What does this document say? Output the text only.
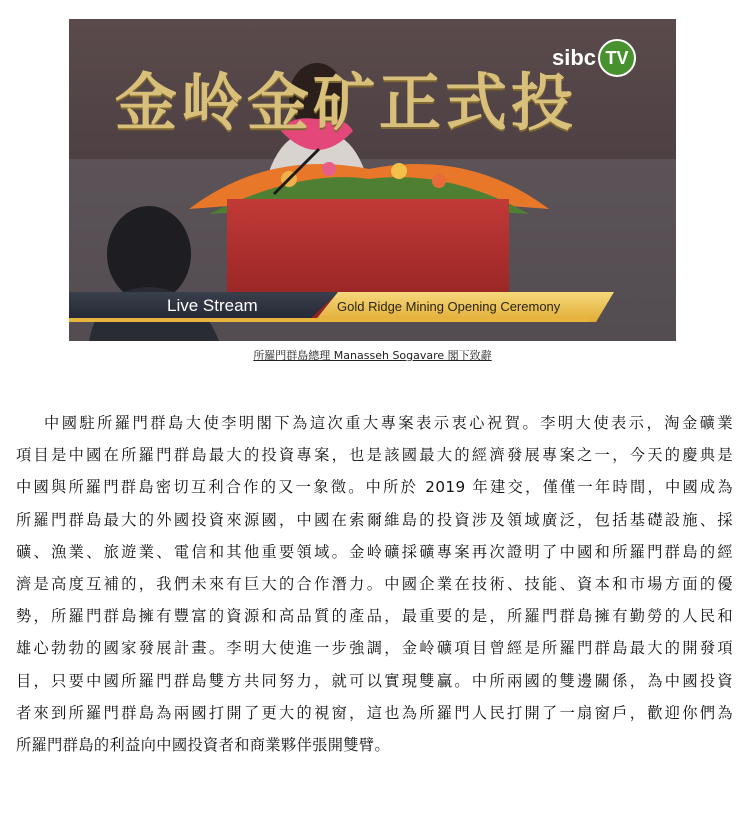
金岭金矿正式投
sibc TV
Live Stream	Gold Ridge Mining Opening Ceremony
所羅門群島總理 Manasseh Sogavare 閣下致辭
中國駐所羅門群島大使李明閣下為這次重大專案表示衷心祝賀。李明大使表示，淘金礦業
項目是中國在所羅門群島最大的投資專案，也是該國最大的經濟發展專案之一，今天的慶典是
中國與所羅門群島密切互利合作的又一象徵。中所於 2019 年建交，僅僅一年時間，中國成為
所羅門群島最大的外國投資來源國，中國在索爾維島的投資涉及領域廣泛，包括基礎設施、採
礦、漁業、旅遊業、電信和其他重要領域。金岭礦採礦專案再次證明了中國和所羅門群島的經
濟是高度互補的，我們未來有巨大的合作潛力。中國企業在技術、技能、資本和市場方面的優
勢，所羅門群島擁有豐富的資源和高品質的產品，最重要的是，所羅門群島擁有勤勞的人民和
雄心勃勃的國家發展計畫。李明大使進一步強調，金岭礦項目曾經是所羅門群島最大的開發項
目，只要中國所羅門群島雙方共同努力，就可以實現雙贏。中所兩國的雙邊關係，為中國投資
者來到所羅門群島為兩國打開了更大的視窗，這也為所羅門人民打開了一扇窗戶，歡迎你們為
所羅門群島的利益向中國投資者和商業夥伴張開雙臂。
